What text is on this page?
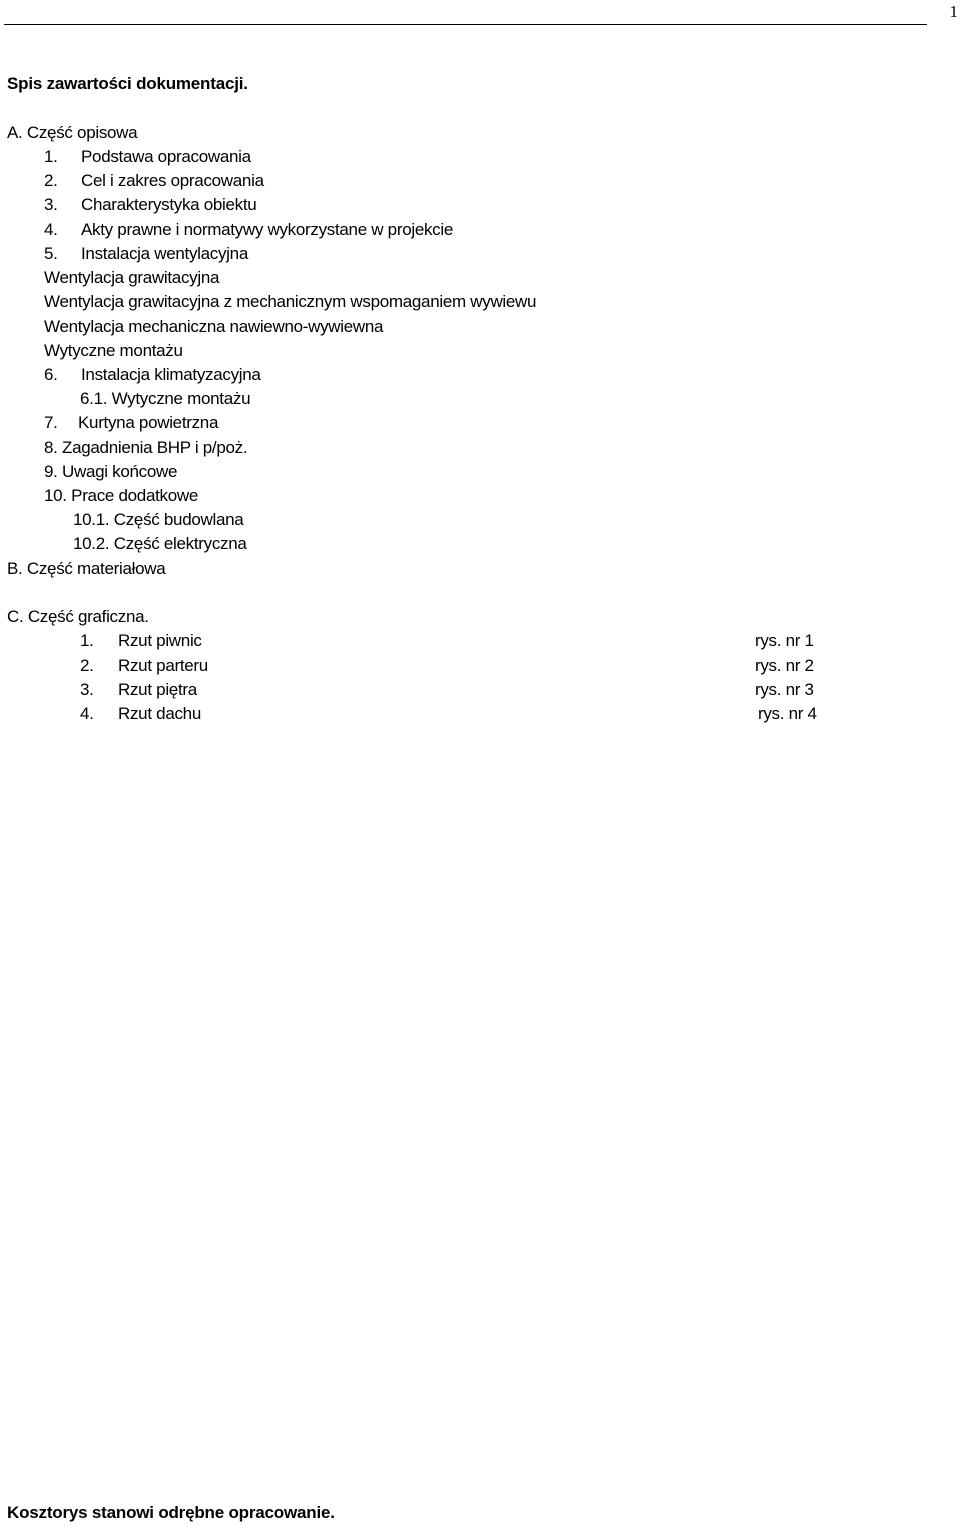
1
Spis zawartości dokumentacji.
A. Część opisowa
1. Podstawa opracowania
2. Cel i zakres opracowania
3. Charakterystyka obiektu
4. Akty prawne i normatywy wykorzystane w projekcie
5. Instalacja wentylacyjna
Wentylacja grawitacyjna
Wentylacja grawitacyjna z mechanicznym wspomaganiem wywiewu
Wentylacja mechaniczna nawiewno-wywiewna
Wytyczne montażu
6. Instalacja klimatyzacyjna
6.1. Wytyczne montażu
7. Kurtyna powietrzna
8. Zagadnienia BHP i p/poż.
9. Uwagi końcowe
10. Prace dodatkowe
10.1. Część budowlana
10.2. Część elektryczna
B. Część materiałowa
C. Część graficzna.
1. Rzut piwnic	rys. nr 1
2. Rzut parteru	rys. nr 2
3. Rzut piętra	rys. nr 3
4. Rzut dachu	rys. nr 4
Kosztorys stanowi odrębne opracowanie.
